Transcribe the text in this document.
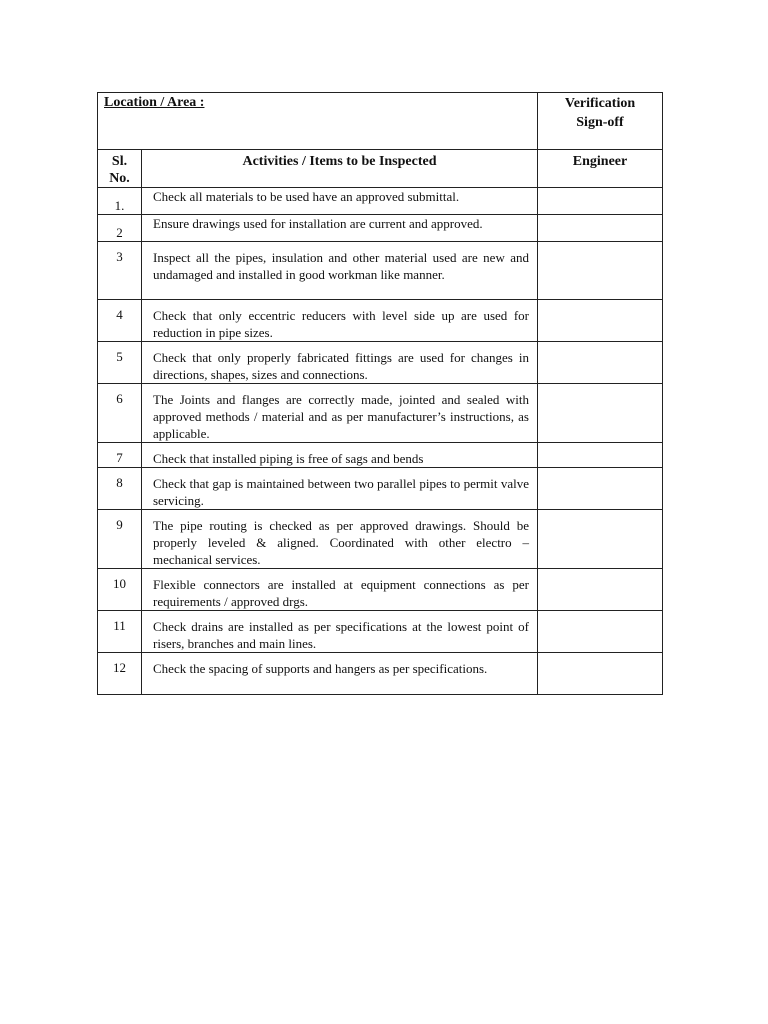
Location / Area :		Verification
Sign-off

Sl.
No.	Activities / Items to be Inspected	Engineer
1.	Check all materials to be used have an approved submittal.	
2	Ensure drawings used for installation are current and approved.	
3	Inspect all the pipes, insulation and other material used are new and undamaged and installed in good workman like manner.	
4	Check that only eccentric reducers with level side up are used for reduction in pipe sizes.	
5	Check that only properly fabricated fittings are used for changes in directions, shapes, sizes and connections.	
6	The Joints and flanges are correctly made, jointed and sealed with approved methods / material and as per manufacturer’s instructions, as applicable.	
7	Check that installed piping is free of sags and bends	
8	Check that gap is maintained between two parallel pipes to permit valve servicing.	
9	The pipe routing is checked as per approved drawings. Should be properly leveled & aligned. Coordinated with other electro – mechanical services.	
10	Flexible connectors are installed at equipment connections as per requirements / approved drgs.	
11	Check drains are installed as per specifications at the lowest point of risers, branches and main lines.	
12	Check the spacing of supports and hangers as per specifications.	
